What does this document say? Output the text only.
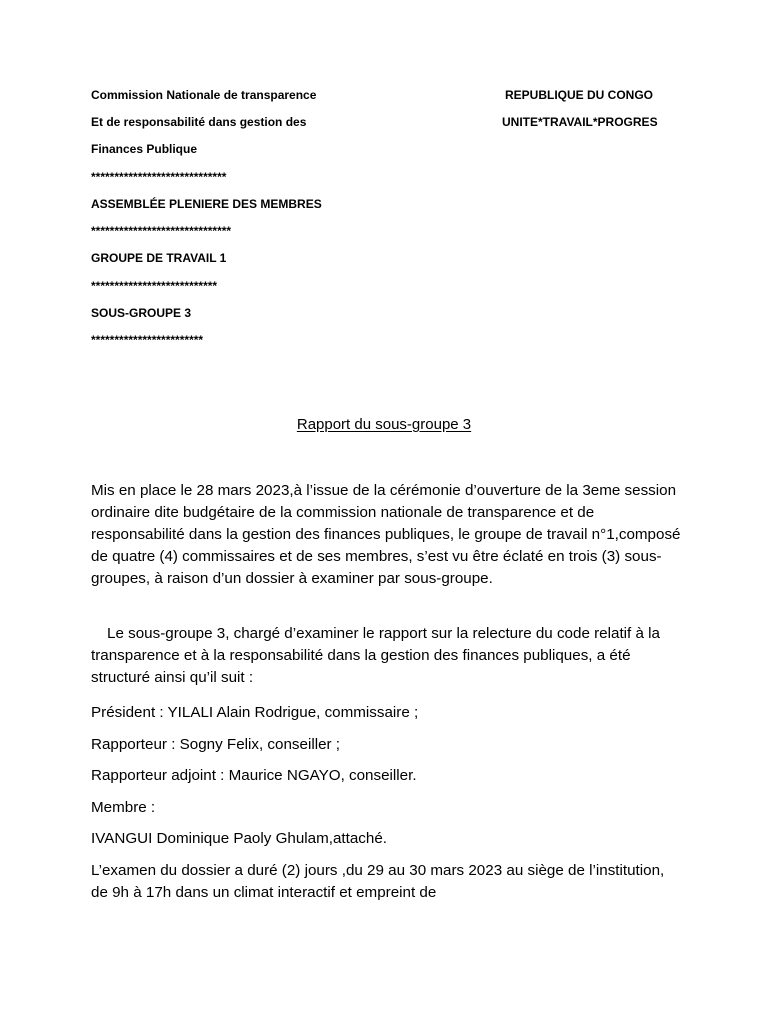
Commission Nationale de transparence
Et de responsabilité dans gestion des
Finances Publique
*****************************
ASSEMBLÉE PLENIERE DES MEMBRES
******************************
GROUPE DE TRAVAIL 1
***************************
SOUS-GROUPE 3
************************
REPUBLIQUE DU CONGO
UNITE*TRAVAIL*PROGRES
Rapport du sous-groupe 3

Mis en place le 28 mars 2023,à l’issue de la cérémonie d’ouverture de la 3eme session ordinaire dite budgétaire de la commission nationale de transparence et de responsabilité dans la gestion des finances publiques, le groupe de travail n°1,composé de quatre (4) commissaires et de ses membres, s’est vu être éclaté en trois (3) sous-groupes, à raison d’un dossier à examiner par sous-groupe.

Le sous-groupe 3, chargé d’examiner le rapport sur la relecture du code relatif à la transparence et à la responsabilité dans la gestion des finances publiques, a été structuré ainsi qu’il suit :

Président : YILALI Alain Rodrigue, commissaire ;
Rapporteur : Sogny Felix, conseiller ;
Rapporteur adjoint : Maurice NGAYO, conseiller.
Membre :
IVANGUI Dominique Paoly Ghulam,attaché.

L’examen du dossier a duré (2) jours ,du 29 au 30 mars 2023 au siège de l’institution, de 9h à 17h dans un climat interactif et empreint de
